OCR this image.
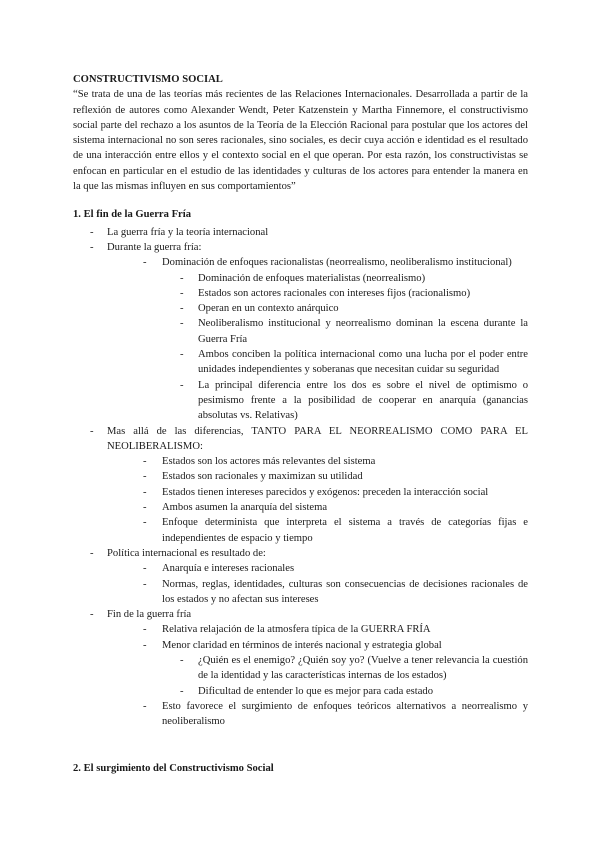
CONSTRUCTIVISMO SOCIAL

“Se trata de una de las teorías más recientes de las Relaciones Internacionales. Desarrollada a partir de la reflexión de autores como Alexander Wendt, Peter Katzenstein y Martha Finnemore, el constructivismo social parte del rechazo a los asuntos de la Teoría de la Elección Racional para postular que los actores del sistema internacional no son seres racionales, sino sociales, es decir cuya acción e identidad es el resultado de una interacción entre ellos y el contexto social en el que operan. Por esta razón, los constructivistas se enfocan en particular en el estudio de las identidades y culturas de los actores para entender la manera en la que las mismas influyen en sus comportamientos”

1. El fin de la Guerra Fría

- La guerra fría y la teoría internacional
- Durante la guerra fría:
- Dominación de enfoques racionalistas (neorrealismo, neoliberalismo institucional)
- Dominación de enfoques materialistas (neorrealismo)
- Estados son actores racionales con intereses fijos (racionalismo)
- Operan en un contexto anárquico
- Neoliberalismo institucional y neorrealismo dominan la escena durante la Guerra Fría
- Ambos conciben la política internacional como una lucha por el poder entre unidades independientes y soberanas que necesitan cuidar su seguridad
- La principal diferencia entre los dos es sobre el nivel de optimismo o pesimismo frente a la posibilidad de cooperar en anarquía (ganancias absolutas vs. Relativas)
- Mas allá de las diferencias, TANTO PARA EL NEORREALISMO COMO PARA EL NEOLIBERALISMO:
- Estados son los actores más relevantes del sistema
- Estados son racionales y maximizan su utilidad
- Estados tienen intereses parecidos y exógenos: preceden la interacción social
- Ambos asumen la anarquía del sistema
- Enfoque determinista que interpreta el sistema a través de categorías fijas e independientes de espacio y tiempo
- Política internacional es resultado de:
- Anarquía e intereses racionales
- Normas, reglas, identidades, culturas son consecuencias de decisiones racionales de los estados y no afectan sus intereses
- Fin de la guerra fría
- Relativa relajación de la atmosfera típica de la GUERRA FRÍA
- Menor claridad en términos de interés nacional y estrategia global
- ¿Quién es el enemigo? ¿Quién soy yo? (Vuelve a tener relevancia la cuestión de la identidad y las características internas de los estados)
- Dificultad de entender lo que es mejor para cada estado
- Esto favorece el surgimiento de enfoques teóricos alternativos a neorrealismo y neoliberalismo

2. El surgimiento del Constructivismo Social
